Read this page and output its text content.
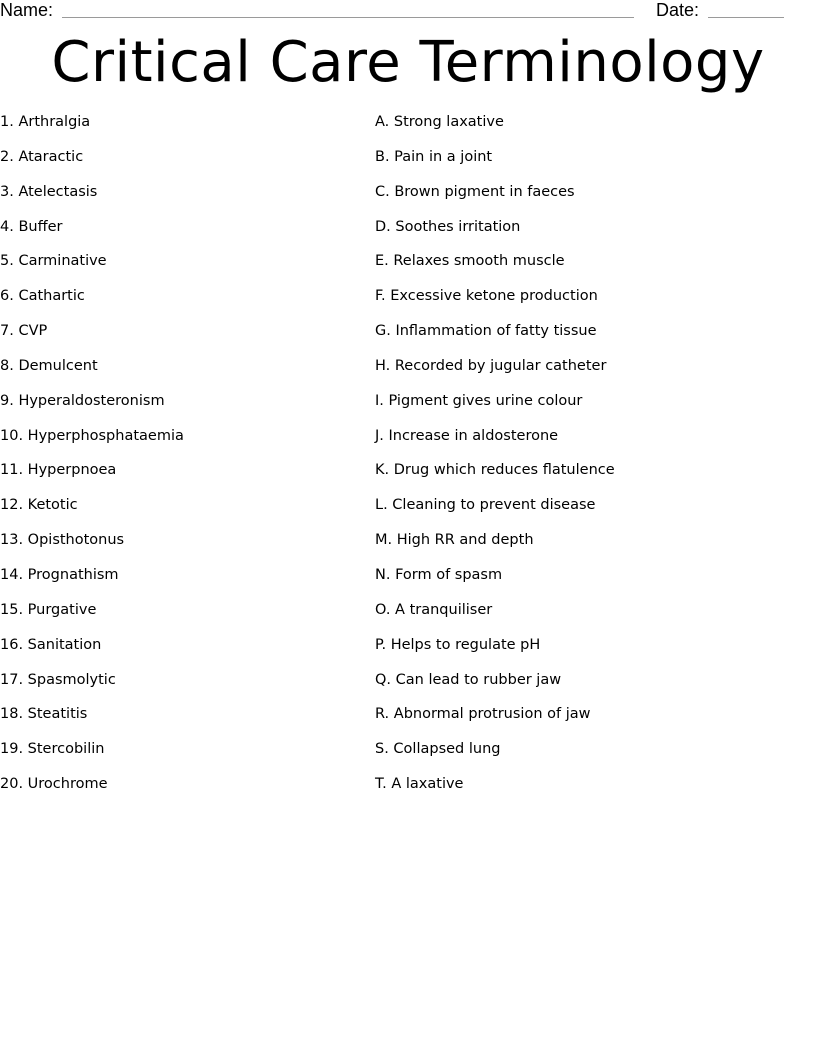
Name:	Date:
Critical Care Terminology
1. Arthralgia
2. Ataractic
3. Atelectasis
4. Buffer
5. Carminative
6. Cathartic
7. CVP
8. Demulcent
9. Hyperaldosteronism
10. Hyperphosphataemia
11. Hyperpnoea
12. Ketotic
13. Opisthotonus
14. Prognathism
15. Purgative
16. Sanitation
17. Spasmolytic
18. Steatitis
19. Stercobilin
20. Urochrome
A. Strong laxative
B. Pain in a joint
C. Brown pigment in faeces
D. Soothes irritation
E. Relaxes smooth muscle
F. Excessive ketone production
G. Inflammation of fatty tissue
H. Recorded by jugular catheter
I. Pigment gives urine colour
J. Increase in aldosterone
K. Drug which reduces flatulence
L. Cleaning to prevent disease
M. High RR and depth
N. Form of spasm
O. A tranquiliser
P. Helps to regulate pH
Q. Can lead to rubber jaw
R. Abnormal protrusion of jaw
S. Collapsed lung
T. A laxative
